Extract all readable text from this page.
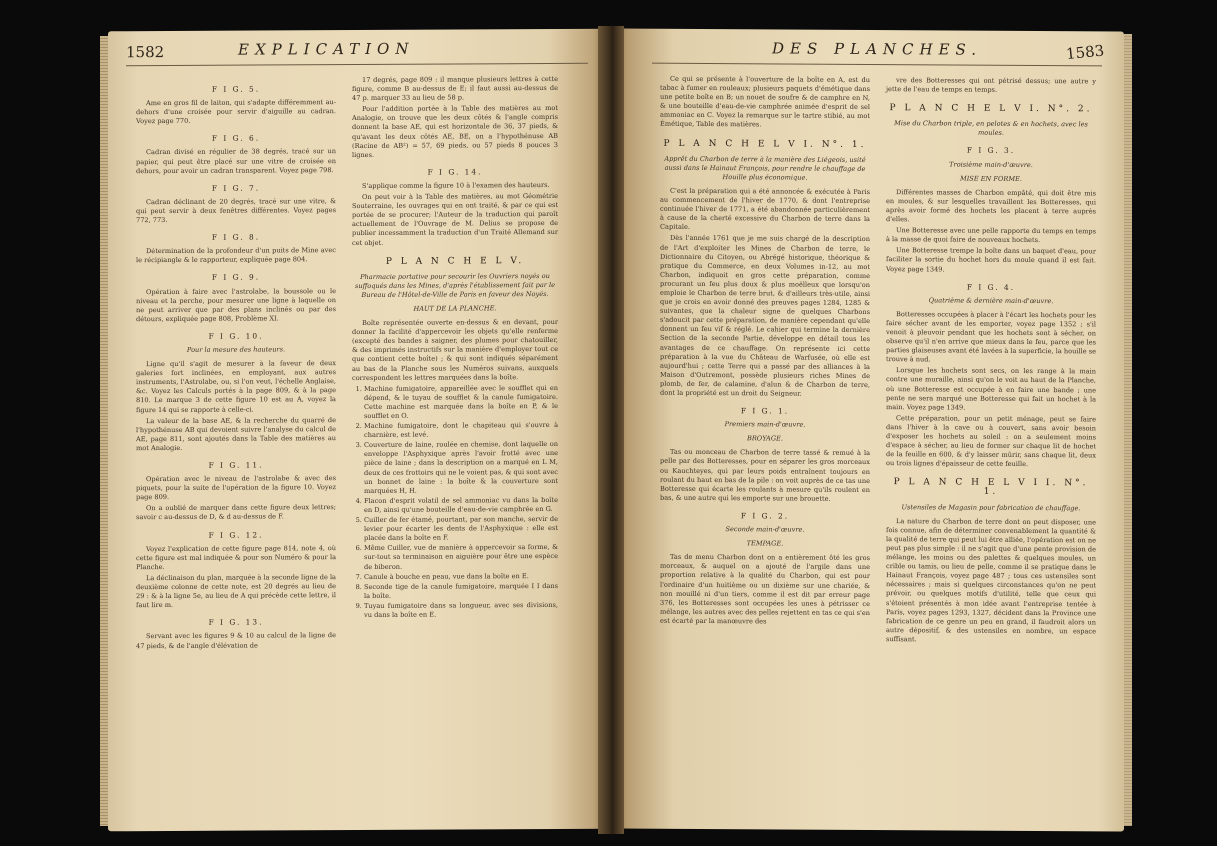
1582	EXPLICATION
F I G. 5.

Ame en gros fil de laiton, qui s'adapte différemment au-dehors d'une croisée pour servir d'aiguille au cadran. Voyez page 770.

F I G. 6.

Cadran divisé en régulier de 38 degrés, tracé sur un papier, qui peut être placé sur une vitre de croisée en dehors, pour avoir un cadran transparent. Voyez page 798.

F I G. 7.

Cadran déclinant de 20 degrés, tracé sur une vitre, & qui peut servir à deux fenêtres différentes. Voyez pages 772, 773.

F I G. 8.

Détermination de la profondeur d'un puits de Mine avec le récipiangle & le rapporteur, expliquée page 804.

F I G. 9.

Opération à faire avec l'astrolabe, la boussole ou le niveau et la perche, pour mesurer une ligne à laquelle on ne peut arriver que par des plans inclinés ou par des détours, expliquée page 808, Problème XI.

F I G. 10.
Pour la mesure des hauteurs.

Ligne qu'il s'agit de mesurer à la faveur de deux galeries fort inclinées, en employant, aux autres instruments, l'Astrolabe, ou, si l'on veut, l'échelle Anglaise, &c. Voyez les Calculs portés à la page 809, & à la page 810. Le marque 3 de cette figure 10 est au A, voyez la figure 14 qui se rapporte à celle-ci.

La valeur de la base AE, & la recherche du quarré de l'hypothénuse AB qui devoient suivre l'analyse du calcul de AE, page 811, sont ajoutés dans la Table des matières au mot Analogie.

F I G. 11.

Opération avec le niveau de l'astrolabe & avec des piquets, pour la suite de l'opération de la figure 10. Voyez page 809.

On a oublié de marquer dans cette figure deux lettres; savoir c au-dessus de D, & d au-dessus de F.

F I G. 12.

Voyez l'explication de cette figure page 814, note 4, où cette figure est mal indiquée & pour son Numéro & pour la Planche.

La déclinaison du plan, marquée à la seconde ligne de la deuxième colonne de cette note, est 20 degrés au lieu de 29 : & à la ligne 5e, au lieu de A qui précède cette lettre, il faut lire m.

F I G. 13.

Servant avec les figures 9 & 10 au calcul de la ligne de 47 pieds, & de l'angle d'élévation de

17 degrés, page 809 : il manque plusieurs lettres à cette figure, comme B au-dessus de E; il faut aussi au-dessus de 47 p. marquer 33 au lieu de 58 p.

Pour l'addition portée à la Table des matières au mot Analogie, on trouve que les deux côtés & l'angle compris donnent la base AE, qui est horizontale de 36, 37 pieds, & qu'avant les deux côtés AE, BE, on a l'hypothénuse AB (Racine de AB²) = 57, 69 pieds, ou 57 pieds 8 pouces 3 lignes.

F I G. 14.

S'applique comme la figure 10 à l'examen des hauteurs.

On peut voir à la Table des matières, au mot Géométrie Souterraine, les ouvrages qui en ont traité, & par ce qui est portée de se procurer; l'Auteur de la traduction qui paroît actuellement de l'Ouvrage de M. Delius se propose de publier incessamment la traduction d'un Traité Allemand sur cet objet.

P L A N C H E L V.
Pharmacie portative pour secourir les Ouvriers noyés ou suffoqués dans les Mines, d'après l'établissement fait par le Bureau de l'Hôtel-de-Ville de Paris en faveur des Noyés.
HAUT DE LA PLANCHE.

Boîte représentée ouverte en-dessus & en devant, pour donner la facilité d'appercevoir les objets qu'elle renferme (excepté des bandes à saigner, des plumes pour chatouiller, & des imprimés instructifs sur la manière d'employer tout ce que contient cette boîte) ; & qui sont indiqués séparément au bas de la Planche sous les Numéros suivans, auxquels correspondent les lettres marquées dans la boîte.

1. Machine fumigatoire, appareillée avec le soufflet qui en dépend, & le tuyau de soufflet & la canule fumigatoire. Cette machine est marquée dans la boîte en P, & le soufflet en O.
2. Machine fumigatoire, dont le chapiteau qui s'ouvre à charnière, est levé.
3. Couverture de laine, roulée en chemise, dont laquelle on enveloppe l'Asphyxique après l'avoir frotté avec une pièce de laine ; dans la description on a marqué en L M, deux de ces frottoirs qui ne le voient pas, & qui sont avec un bonnet de laine : la boîte & la couverture sont marquées H, H.
4. Flacon d'esprit volatil de sel ammoniac vu dans la boîte en D, ainsi qu'une bouteille d'eau-de-vie camphrée en G.
5. Cuiller de fer étamé, pourtant, par son manche, servir de levier pour écarter les dents de l'Asphyxique : elle est placée dans la boîte en F.
6. Même Cuiller, vue de manière à appercevoir sa forme, & sur-tout sa terminaison en aiguière pour être une espèce de biberon.
7. Canule à bouche en peau, vue dans la boîte en E.
8. Seconde tige de la canule fumigatoire, marquée I I dans la boîte.
9. Tuyau fumigatoire dans sa longueur, avec ses divisions, vu dans la boîte en E.
DES PLANCHES.	1583

Ce qui se présente à l'ouverture de la boîte en A, est du tabac à fumer en rouleaux; plusieurs paquets d'émétique dans une petite boîte en B; un nouet de soufre & de camphre en N, & une bouteille d'eau-de-vie camphrée animée d'esprit de sel ammoniac en C. Voyez la remarque sur le tartre stibié, au mot Émétique, Table des matières.

P L A N C H E L V I. N°. 1.
Apprêt du Charbon de terre à la manière des Liégeois, usité aussi dans le Hainaut François, pour rendre le chauffage de Houille plus économique.

C'est la préparation qui a été annoncée & exécutée à Paris au commencement de l'hiver de 1770, & dont l'entreprise continuée l'hiver de 1771, a été abandonnée particulièrement à cause de la cherté excessive du Charbon de terre dans la Capitale.

Dès l'année 1761 que je me suis chargé de la description de l'Art d'exploiter les Mines de Charbon de terre, le Dictionnaire du Citoyen, ou Abrégé historique, théorique & pratique du Commerce, en deux Volumes in-12, au mot Charbon, indiquoit en gros cette préparation, comme procurant un feu plus doux & plus moëlleux que lorsqu'on emploie le Charbon de terre brut, & d'ailleurs très-utile, ainsi que je crois en avoir donné des preuves pages 1284, 1285 & suivantes, que la chaleur signe de quelques Charbons s'adoucit par cette préparation, de manière cependant qu'elle donnent un feu vif & réglé. Le cahier qui termine la dernière Section de la seconde Partie, développe en détail tous les avantages de ce chauffage. On représente ici cette préparation à la vue du Château de Warfusée, où elle est aujourd'hui ; cette Terre qui a passé par des alliances à la Maison d'Outremont, possède plusieurs riches Mines de plomb, de fer, de calamine, d'alun & de Charbon de terre, dont la propriété est un droit du Seigneur.

F I G. 1.
Premiers main-d'œuvre.
BROYAGE.

Tas ou monceau de Charbon de terre tassé & remué à la pelle par des Botteresses, pour en séparer les gros morceaux ou Kauchteyes, qui par leurs poids entraînent toujours en roulant du haut en bas de la pile : on voit auprès de ce tas une Botteresse qui écarte les roulants à mesure qu'ils roulent en bas, & une autre qui les emporte sur une brouette.

F I G. 2.
Seconde main-d'œuvre.
TEMPAGE.

Tas de menu Charbon dont on a entièrement ôté les gros morceaux, & auquel on a ajouté de l'argile dans une proportion relative à la qualité du Charbon, qui est pour l'ordinaire d'un huitième ou un dixième sur une chariée, & non mouillé ni d'un tiers, comme il est dit par erreur page 376, les Botteresses sont occupées les unes à pétrisser ce mélange, les autres avec des pelles rejettent en tas ce qui s'en est écarté par la manœuvre des

vre des Botteresses qui ont pétrisé dessus; une autre y jette de l'eau de temps en temps.

P L A N C H E L V I. N°. 2.
Mise du Charbon triple, en pelotes & en hochets, avec les moules.
F I G. 3.
Troisième main-d'œuvre.
MISE EN FORME.

Différentes masses de Charbon empâté, qui doit être mis en moules, & sur lesquelles travaillent les Botteresses, qui après avoir formé des hochets les placent à terre auprès d'elles.

Une Botteresse avec une pelle rapporte du temps en temps à la masse de quoi faire de nouveaux hochets.

Une Botteresse trempe la boîte dans un baquet d'eau, pour faciliter la sortie du hochet hors du moule quand il est fait. Voyez page 1349.

F I G. 4.
Quatrième & dernière main-d'œuvre.

Botteresses occupées à placer à l'écart les hochets pour les faire sécher avant de les emporter, voyez page 1352 ; s'il venoit à pleuvoir pendant que les hochets sont à sécher, on observe qu'il n'en arrive que mieux dans le feu, parce que les parties glaiseuses avant été lavées à la superficie, la houille se trouve à nud.

Lorsque les hochets sont secs, on les range à la main contre une muraille, ainsi qu'on le voit au haut de la Planche, où une Botteresse est occupée à en faire une bande ; une pente ne sera marqué une Botteresse qui fait un hochet à la main. Voyez page 1349.

Cette préparation, pour un petit ménage, peut se faire dans l'hiver à la cave ou à couvert, sans avoir besoin d'exposer les hochets au soleil : on a seulement moins d'espace à sécher, au lieu de former sur chaque lit de hochet de la feuille en 600, & d'y laisser mûrir, sans chaque lit, deux ou trois lignes d'épaisseur de cette feuille.

P L A N C H E L V I I. N°. 1.
Ustensiles de Magasin pour fabrication de chauffage.

La nature du Charbon de terre dont on peut disposer, une fois connue, afin de déterminer convenablement la quantité & la qualité de terre qui peut lui être alliée, l'opération est on ne peut pas plus simple : il ne s'agit que d'une pente provision de mélange, les moins ou des palettes & quelques moules, un crible ou tamis, ou lieu de pelle, comme il se pratique dans le Hainaut François, voyez page 487 ; tous ces ustensiles sont nécessaires ; mais si quelques circonstances qu'on ne peut prévoir, ou quelques motifs d'utilité, telle que ceux qui s'étoient présentés à mon idée avant l'entreprise tentée à Paris, voyez pages 1293, 1327, décident dans la Province une fabrication de ce genre un peu en grand, il faudroit alors un autre dépositif, & des ustensiles en nombre, un espace suffisant.
